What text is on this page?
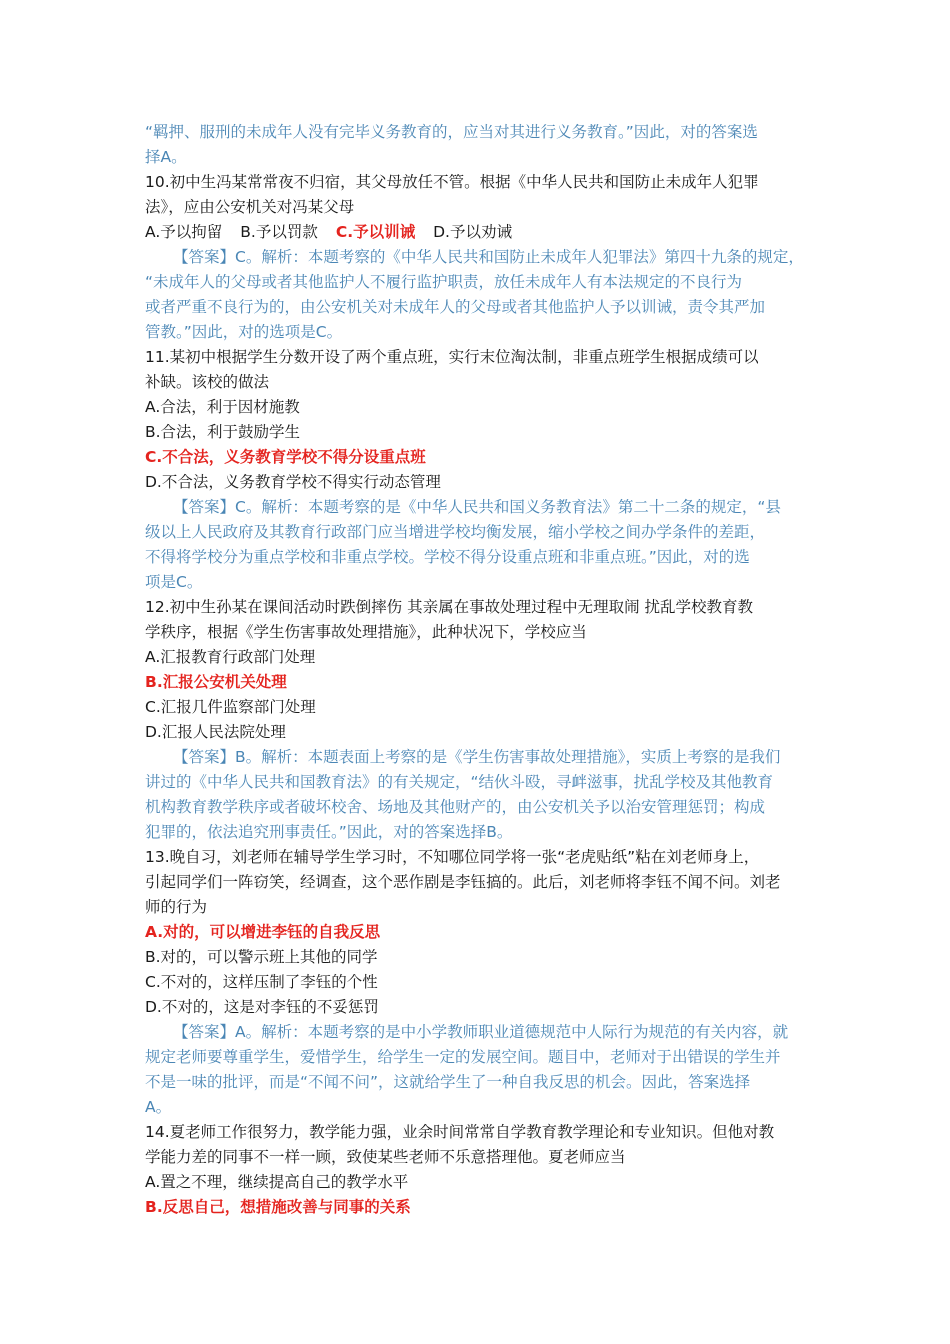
“羁押、服刑的未成年人没有完毕义务教育的，应当对其进行义务教育。”因此，对的答案选
择A。
10.初中生冯某常常夜不归宿，其父母放任不管。根据《中华人民共和国防止未成年人犯罪
法》，应由公安机关对冯某父母
A.予以拘留 B.予以罚款 C.予以训诫 D.予以劝诫
【答案】C。解析：本题考察的《中华人民共和国防止未成年人犯罪法》第四十九条的规定，
“未成年人的父母或者其他监护人不履行监护职责，放任未成年人有本法规定的不良行为
或者严重不良行为的，由公安机关对未成年人的父母或者其他监护人予以训诫，责令其严加
管教。”因此，对的选项是C。
11.某初中根据学生分数开设了两个重点班，实行末位淘汰制，非重点班学生根据成绩可以
补缺。该校的做法
A.合法，利于因材施教
B.合法，利于鼓励学生
C.不合法，义务教育学校不得分设重点班
D.不合法，义务教育学校不得实行动态管理
【答案】C。解析：本题考察的是《中华人民共和国义务教育法》第二十二条的规定，“县
级以上人民政府及其教育行政部门应当增进学校均衡发展，缩小学校之间办学条件的差距，
不得将学校分为重点学校和非重点学校。学校不得分设重点班和非重点班。”因此，对的选
项是C。
12.初中生孙某在课间活动时跌倒摔伤 其亲属在事故处理过程中无理取闹 扰乱学校教育教
学秩序，根据《学生伤害事故处理措施》，此种状况下，学校应当
A.汇报教育行政部门处理
B.汇报公安机关处理
C.汇报几件监察部门处理
D.汇报人民法院处理
【答案】B。解析：本题表面上考察的是《学生伤害事故处理措施》，实质上考察的是我们
讲过的《中华人民共和国教育法》的有关规定，“结伙斗殴，寻衅滋事，扰乱学校及其他教育
机构教育教学秩序或者破坏校舍、场地及其他财产的，由公安机关予以治安管理惩罚；构成
犯罪的，依法追究刑事责任。”因此，对的答案选择B。
13.晚自习，刘老师在辅导学生学习时，不知哪位同学将一张“老虎贴纸”粘在刘老师身上，
引起同学们一阵窃笑，经调查，这个恶作剧是李钰搞的。此后，刘老师将李钰不闻不问。刘老
师的行为
A.对的，可以增进李钰的自我反思
B.对的，可以警示班上其他的同学
C.不对的，这样压制了李钰的个性
D.不对的，这是对李钰的不妥惩罚
【答案】A。解析：本题考察的是中小学教师职业道德规范中人际行为规范的有关内容，就
规定老师要尊重学生，爱惜学生，给学生一定的发展空间。题目中，老师对于出错误的学生并
不是一味的批评，而是“不闻不问”，这就给学生了一种自我反思的机会。因此，答案选择
A。
14.夏老师工作很努力，教学能力强，业余时间常常自学教育教学理论和专业知识。但他对教
学能力差的同事不一样一顾，致使某些老师不乐意搭理他。夏老师应当
A.置之不理，继续提高自己的教学水平
B.反思自己，想措施改善与同事的关系
